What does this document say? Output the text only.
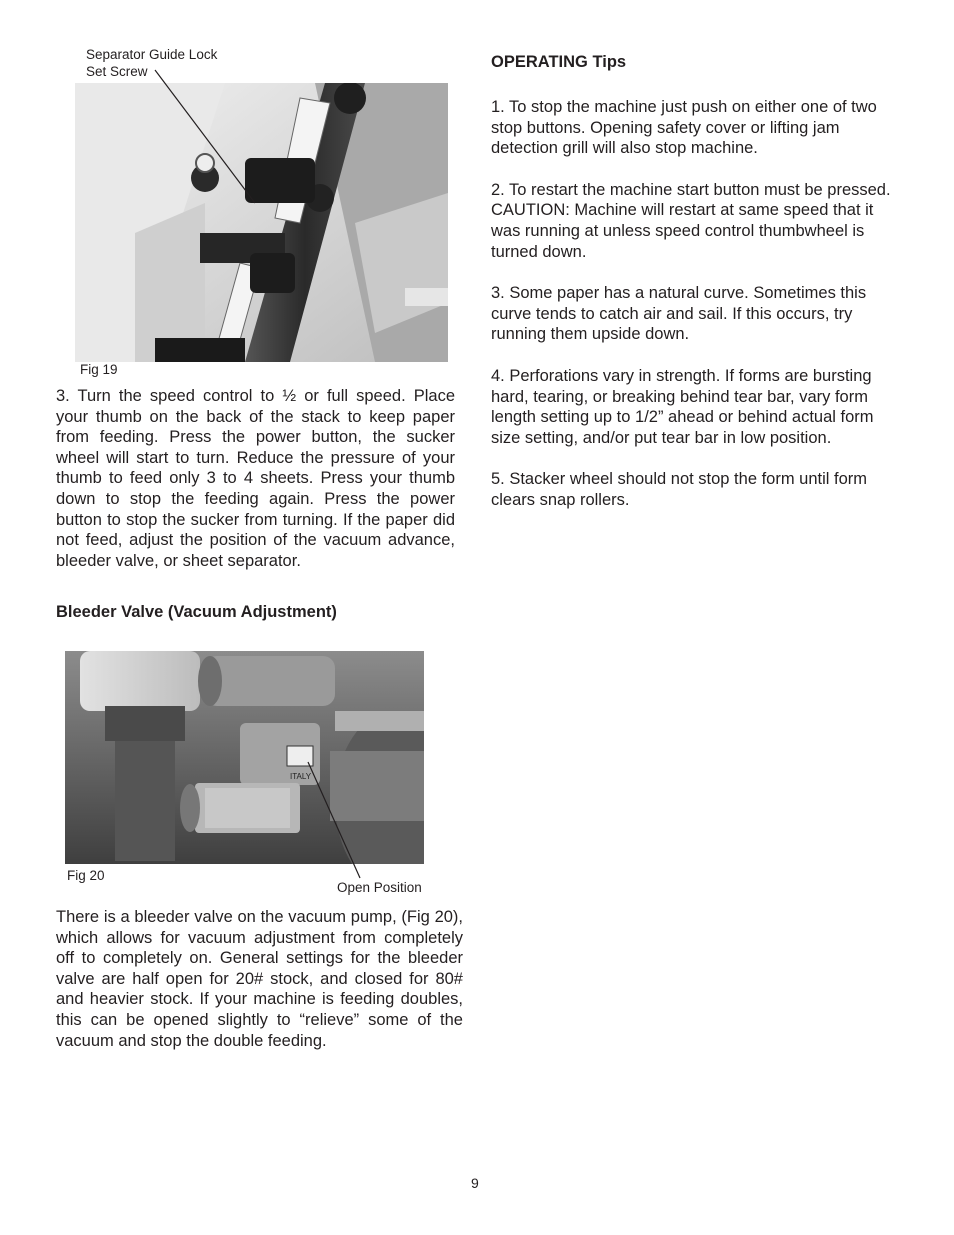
Separator Guide Lock
Set Screw
Fig 19
3. Turn the speed control to ½ or full speed. Place your thumb on the back of the stack to keep paper from feeding. Press the power button, the sucker wheel will start to turn. Reduce the pressure of your thumb to feed only 3 to 4 sheets. Press your thumb down to stop the feeding again. Press the power button to stop the sucker from turning. If the paper did not feed, adjust the position of the vacuum advance, bleeder valve, or sheet separator.
Bleeder Valve (Vacuum Adjustment)
ITALY
Fig 20
Open Position
There is a bleeder valve on the vacuum pump, (Fig 20), which allows for vacuum adjustment from completely off to completely on. General settings for the bleeder valve are half open for 20# stock, and closed for 80# and heavier stock. If your machine is feeding doubles, this can be opened slightly to “relieve” some of the vacuum and stop the double feeding.
OPERATING Tips

1. To stop the machine just push on either one of two stop buttons. Opening safety cover or lifting jam detection grill will also stop machine.

2. To restart the machine start button must be pressed. CAUTION: Machine will restart at same speed that it was running at unless speed control thumbwheel is turned down.

3. Some paper has a natural curve. Sometimes this curve tends to catch air and sail. If this occurs, try running them upside down.

4. Perforations vary in strength. If forms are bursting hard, tearing, or breaking behind tear bar, vary form length setting up to 1/2” ahead or behind actual form size setting, and/or put tear bar in low position.

5. Stacker wheel should not stop the form until form clears snap rollers.

9
